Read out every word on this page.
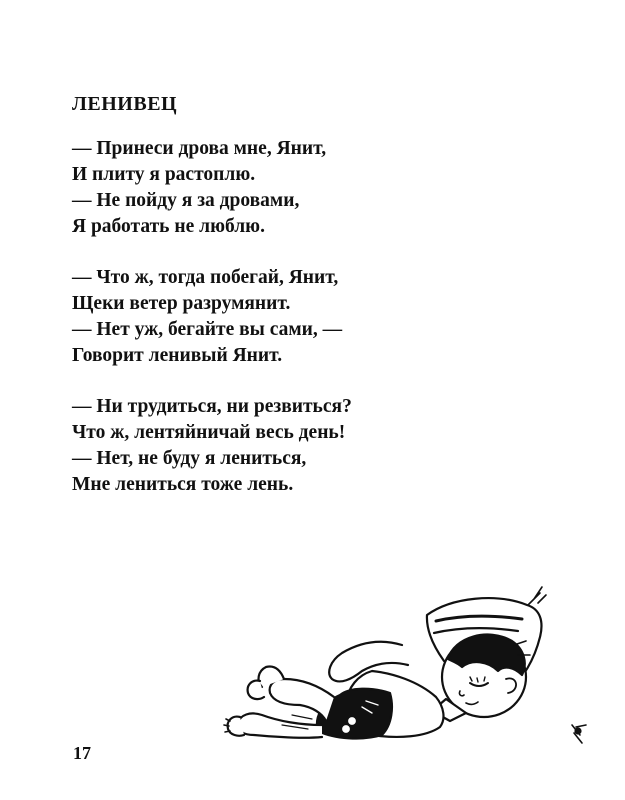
ЛЕНИВЕЦ
— Принеси дрова мне, Янит,
И плиту я растоплю.
— Не пойду я за дровами,
Я работать не люблю.
— Что ж, тогда побегай, Янит,
Щеки ветер разрумянит.
— Нет уж, бегайте вы сами, —
Говорит ленивый Янит.
— Ни трудиться, ни резвиться?
Что ж, лентяйничай весь день!
— Нет, не буду я лениться,
Мне лениться тоже лень.
17
